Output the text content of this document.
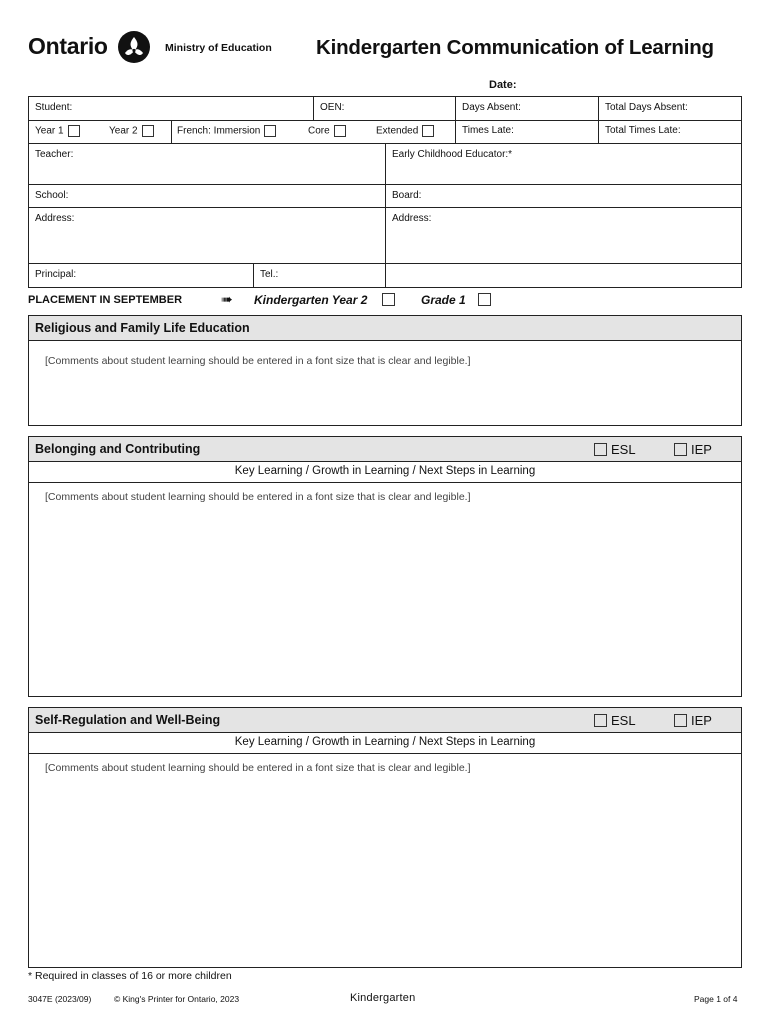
Ontario	Ministry of Education Kindergarten Communication of Learning
Date:
Student:	OEN:	Days Absent:	Total Days Absent:
Year 1	Year 2	French: Immersion	Core	Extended	Times Late:	Total Times Late:
Teacher:	Early Childhood Educator:*
School:	Board:
Address:	Address:
Principal:	Tel.:
PLACEMENT IN SEPTEMBER	➠ Kindergarten Year 2	Grade 1
Religious and Family Life Education
[Comments about student learning should be entered in a font size that is clear and legible.]
Belonging and Contributing	ESL	IEP
Key Learning / Growth in Learning / Next Steps in Learning
[Comments about student learning should be entered in a font size that is clear and legible.]
Self-Regulation and Well-Being	ESL	IEP
Key Learning / Growth in Learning / Next Steps in Learning
[Comments about student learning should be entered in a font size that is clear and legible.]
* Required in classes of 16 or more children
3047E (2023/09)	© King's Printer for Ontario, 2023	Kindergarten	Page 1 of 4
